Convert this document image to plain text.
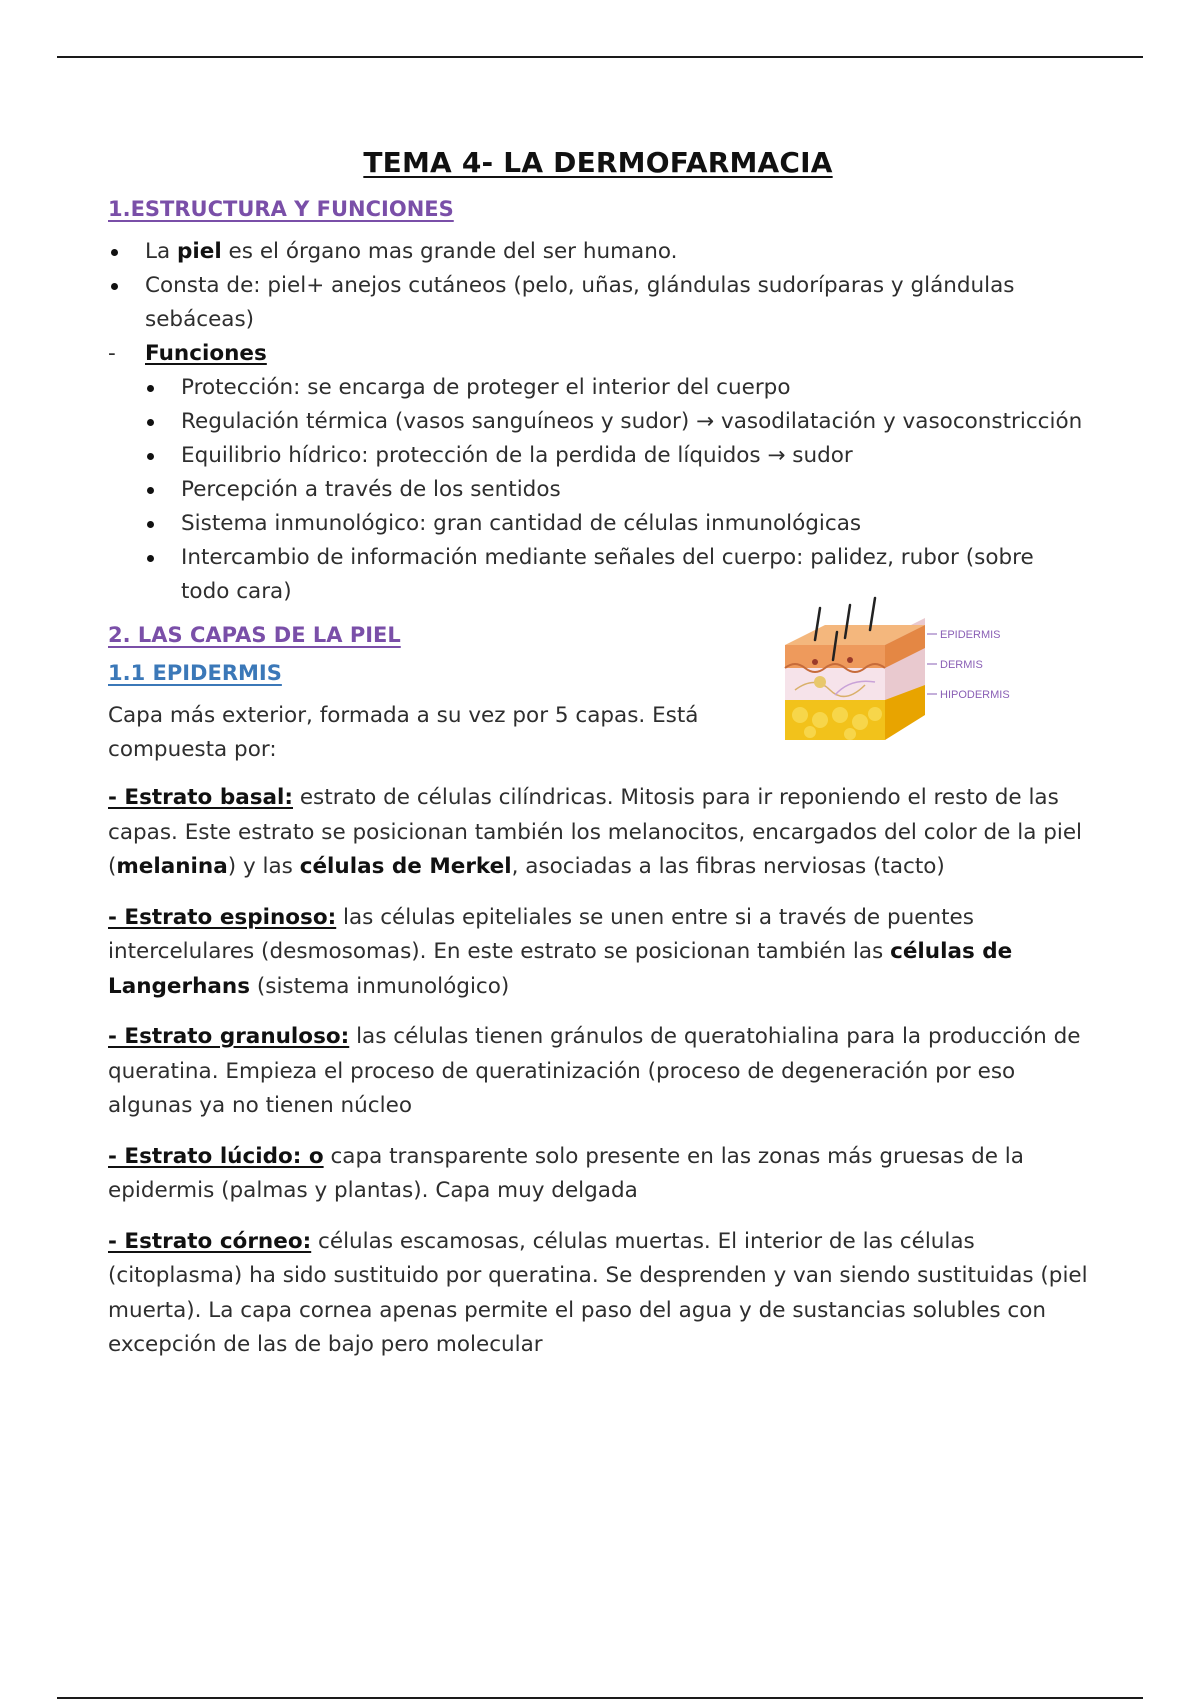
TEMA 4- LA DERMOFARMACIA
1.ESTRUCTURA Y FUNCIONES
La piel es el órgano mas grande del ser humano.
Consta de: piel+ anejos cutáneos (pelo, uñas, glándulas sudoríparas y glándulas sebáceas)
- Funciones
Protección: se encarga de proteger el interior del cuerpo
Regulación térmica (vasos sanguíneos y sudor) → vasodilatación y vasoconstricción
Equilibrio hídrico: protección de la perdida de líquidos → sudor
Percepción a través de los sentidos
Sistema inmunológico: gran cantidad de células inmunológicas
Intercambio de información mediante señales del cuerpo: palidez, rubor (sobre todo cara)
2. LAS CAPAS DE LA PIEL
1.1 EPIDERMIS

Capa más exterior, formada a su vez por 5 capas. Está compuesta por:

- Estrato basal: estrato de células cilíndricas. Mitosis para ir reponiendo el resto de las capas. Este estrato se posicionan también los melanocitos, encargados del color de la piel (melanina) y las células de Merkel, asociadas a las fibras nerviosas (tacto)

- Estrato espinoso: las células epiteliales se unen entre si a través de puentes intercelulares (desmosomas). En este estrato se posicionan también las células de Langerhans (sistema inmunológico)

- Estrato granuloso: las células tienen gránulos de queratohialina para la producción de queratina. Empieza el proceso de queratinización (proceso de degeneración por eso algunas ya no tienen núcleo

- Estrato lúcido: o capa transparente solo presente en las zonas más gruesas de la epidermis (palmas y plantas). Capa muy delgada

- Estrato córneo: células escamosas, células muertas. El interior de las células (citoplasma) ha sido sustituido por queratina. Se desprenden y van siendo sustituidas (piel muerta). La capa cornea apenas permite el paso del agua y de sustancias solubles con excepción de las de bajo pero molecular

EPIDERMIS
DERMIS
HIPODERMIS
